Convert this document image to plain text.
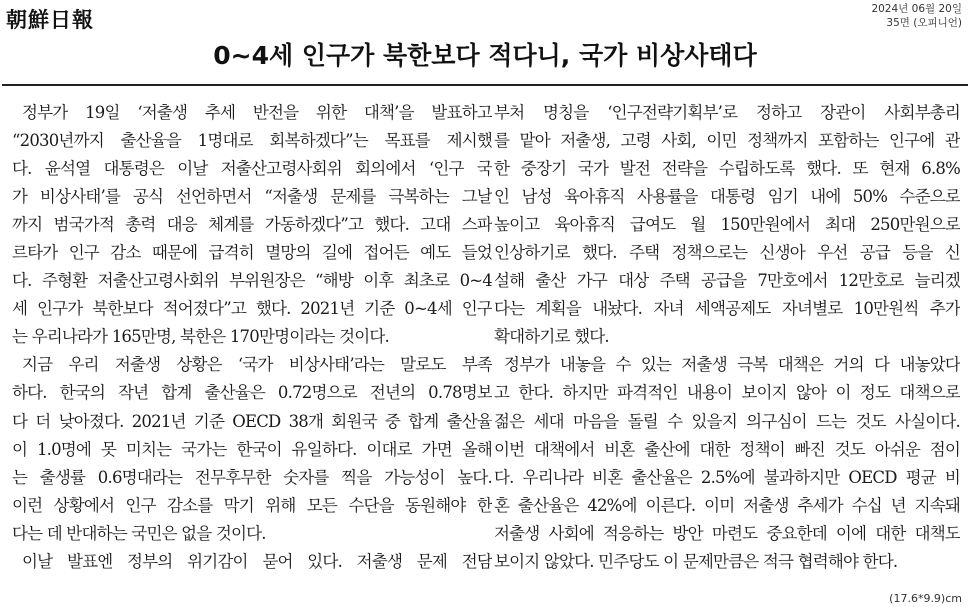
朝鮮日報	2024년 06월 20일
35면 (오피니언)
0~4세 인구가 북한보다 적다니, 국가 비상사태다
정부가 19일 ‘저출생 추세 반전을 위한 대책’을 발표하고
“2030년까지 출산율을 1명대로 회복하겠다”는 목표를 제시했
다. 윤석열 대통령은 이날 저출산고령사회위 회의에서 ‘인구 국
가 비상사태’를 공식 선언하면서 “저출생 문제를 극복하는 그날
까지 범국가적 총력 대응 체계를 가동하겠다”고 했다. 고대 스파
르타가 인구 감소 때문에 급격히 멸망의 길에 접어든 예도 들었
다. 주형환 저출산고령사회위 부위원장은 “해방 이후 최초로 0~4
세 인구가 북한보다 적어졌다”고 했다. 2021년 기준 0~4세 인구
는 우리나라가 165만명, 북한은 170만명이라는 것이다.
지금 우리 저출생 상황은 ‘국가 비상사태’라는 말로도 부족
하다. 한국의 작년 합계 출산율은 0.72명으로 전년의 0.78명보
다 더 낮아졌다. 2021년 기준 OECD 38개 회원국 중 합계 출산율
이 1.0명에 못 미치는 국가는 한국이 유일하다. 이대로 가면 올해
는 출생률 0.6명대라는 전무후무한 숫자를 찍을 가능성이 높다.
이런 상황에서 인구 감소를 막기 위해 모든 수단을 동원해야 한
다는 데 반대하는 국민은 없을 것이다.
이날 발표엔 정부의 위기감이 묻어 있다. 저출생 문제 전담
부처 명칭을 ‘인구전략기획부’로 정하고 장관이 사회부총리
를 맡아 저출생, 고령 사회, 이민 정책까지 포함하는 인구에 관
한 중장기 국가 발전 전략을 수립하도록 했다. 또 현재 6.8%
인 남성 육아휴직 사용률을 대통령 임기 내에 50% 수준으로
높이고 육아휴직 급여도 월 150만원에서 최대 250만원으로
인상하기로 했다. 주택 정책으로는 신생아 우선 공급 등을 신
설해 출산 가구 대상 주택 공급을 7만호에서 12만호로 늘리겠
다는 계획을 내놨다. 자녀 세액공제도 자녀별로 10만원씩 추가
확대하기로 했다.
정부가 내놓을 수 있는 저출생 극복 대책은 거의 다 내놓았다
고 한다. 하지만 파격적인 내용이 보이지 않아 이 정도 대책으로
젊은 세대 마음을 돌릴 수 있을지 의구심이 드는 것도 사실이다.
이번 대책에서 비혼 출산에 대한 정책이 빠진 것도 아쉬운 점이
다. 우리나라 비혼 출산율은 2.5%에 불과하지만 OECD 평균 비
혼 출산율은 42%에 이른다. 이미 저출생 추세가 수십 년 지속돼
저출생 사회에 적응하는 방안 마련도 중요한데 이에 대한 대책도
보이지 않았다. 민주당도 이 문제만큼은 적극 협력해야 한다.
(17.6*9.9)cm
